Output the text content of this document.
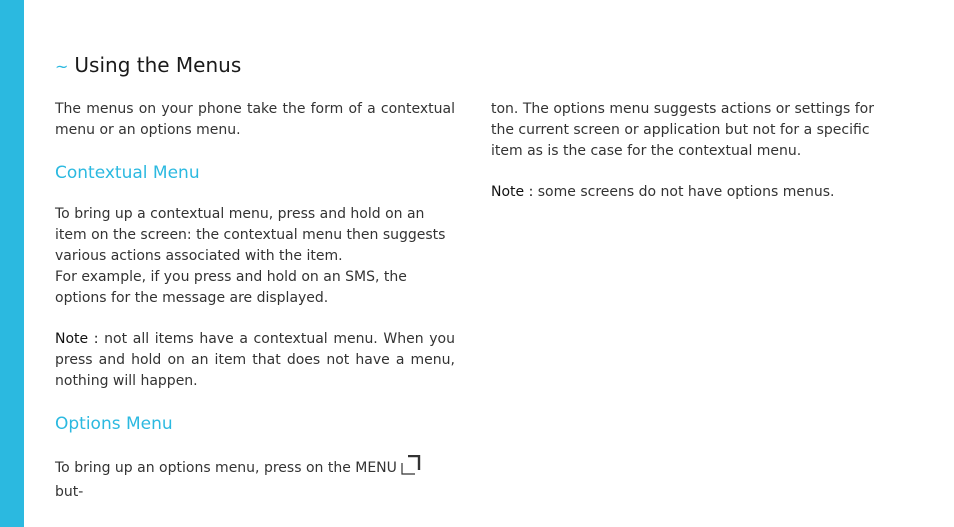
~ Using the Menus

The menus on your phone take the form of a contextual menu or an options menu.

Contextual Menu

To bring up a contextual menu, press and hold on an item on the screen: the contextual menu then suggests various actions associated with the item.

For example, if you press and hold on an SMS, the options for the message are displayed.

Note : not all items have a contextual menu. When you press and hold on an item that does not have a menu, nothing will happen.

Options Menu

To bring up an options menu, press on the MENUbut-

ton. The options menu suggests actions or settings for the current screen or application but not for a specific item as is the case for the contextual menu.

Note : some screens do not have options menus.
